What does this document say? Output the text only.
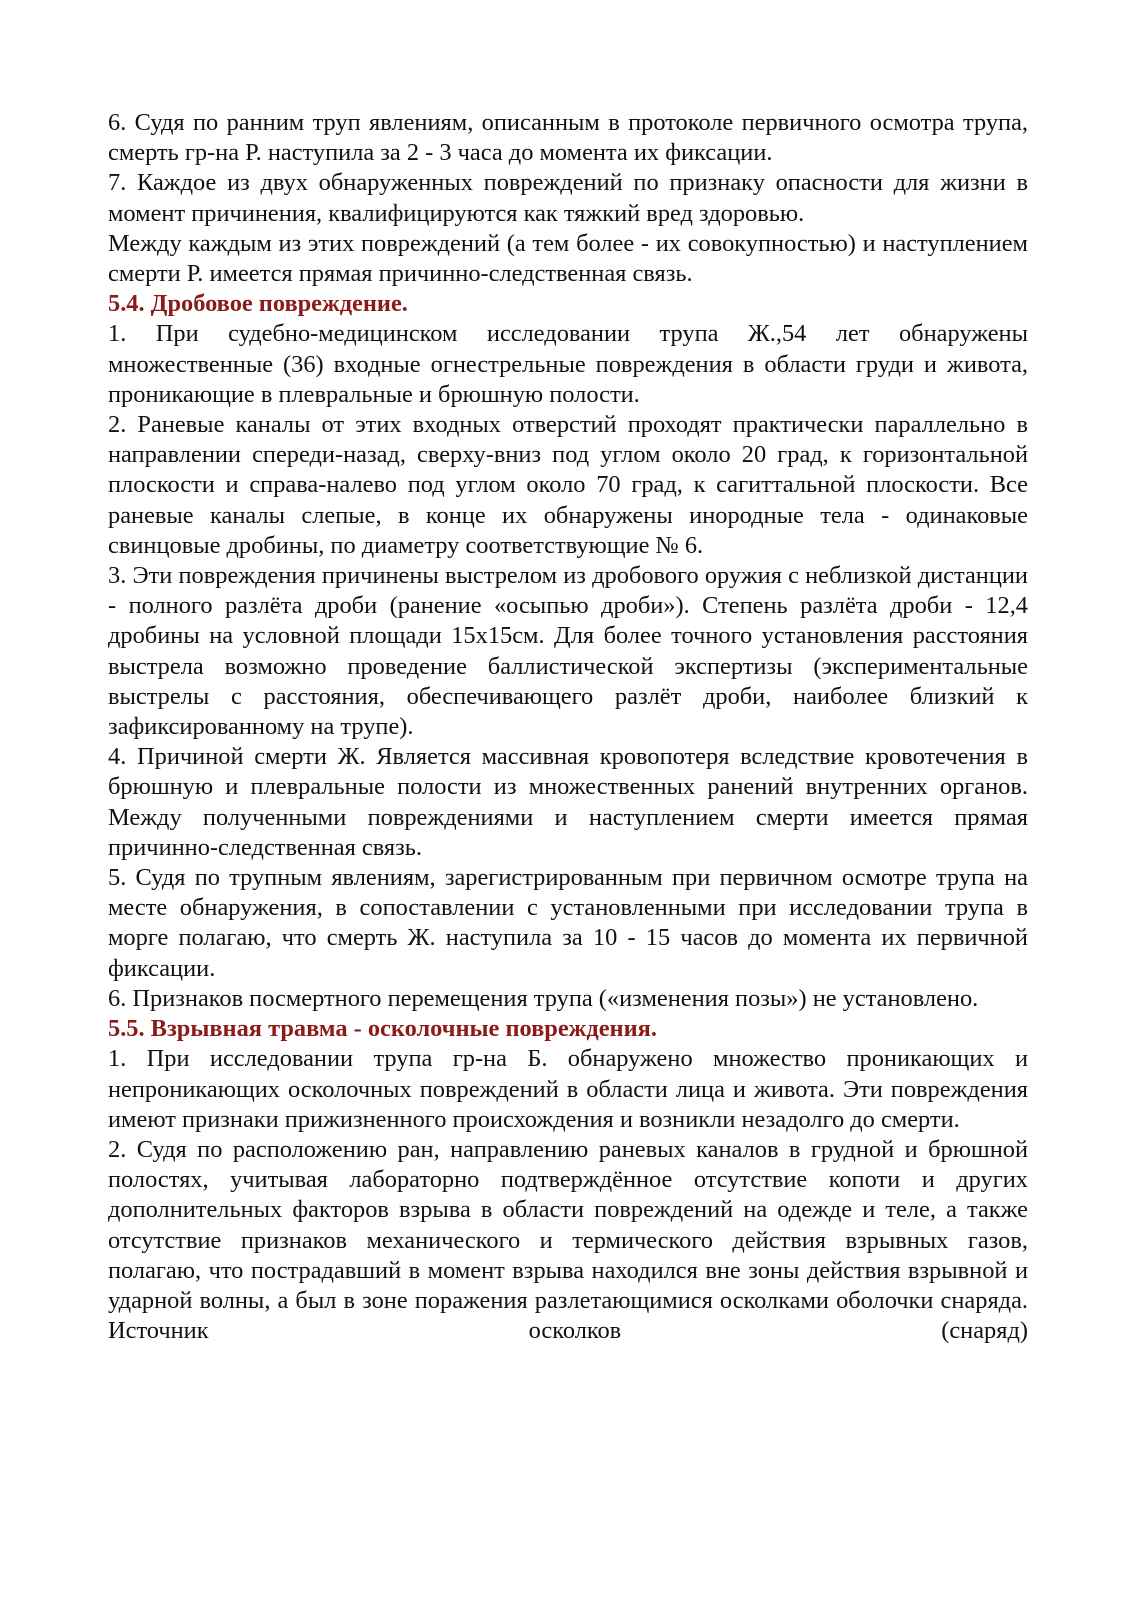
6. Судя по ранним труп явлениям, описанным в протоколе первичного осмотра трупа, смерть гр-на Р. наступила за 2 - 3 часа до момента их фиксации.

7. Каждое из двух обнаруженных повреждений по признаку опасности для жизни в момент причинения, квалифицируются как тяжкий вред здоровью.

Между каждым из этих повреждений (а тем более - их совокупностью) и наступлением смерти Р. имеется прямая причинно-следственная связь.

5.4. Дробовое повреждение.

1. При судебно-медицинском исследовании трупа Ж.,54 лет обнаружены множественные (36) входные огнестрельные повреждения в области груди и живота, проникающие в плевральные и брюшную полости.

2. Раневые каналы от этих входных отверстий проходят практически параллельно в направлении спереди-назад, сверху-вниз под углом около 20 град, к горизонтальной плоскости и справа-налево под углом около 70 град, к сагиттальной плоскости. Все раневые каналы слепые, в конце их обнаружены инородные тела - одинаковые свинцовые дробины, по диаметру соответствующие № 6.

3. Эти повреждения причинены выстрелом из дробового оружия с неблизкой дистанции - полного разлёта дроби (ранение «осыпью дроби»). Степень разлёта дроби - 12,4 дробины на условной площади 15х15см. Для более точного установления расстояния выстрела возможно проведение баллистической экспертизы (экспериментальные выстрелы с расстояния, обеспечивающего разлёт дроби, наиболее близкий к зафиксированному на трупе).

4. Причиной смерти Ж. Является массивная кровопотеря вследствие кровотечения в брюшную и плевральные полости из множественных ранений внутренних органов. Между полученными повреждениями и наступлением смерти имеется прямая причинно-следственная связь.

5. Судя по трупным явлениям, зарегистрированным при первичном осмотре трупа на месте обнаружения, в сопоставлении с установленными при исследовании трупа в морге полагаю, что смерть Ж. наступила за 10 - 15 часов до момента их первичной фиксации.

6. Признаков посмертного перемещения трупа («изменения позы») не установлено.

5.5. Взрывная травма - осколочные повреждения.

1. При исследовании трупа гр-на Б. обнаружено множество проникающих и непроникающих осколочных повреждений в области лица и живота. Эти повреждения имеют признаки прижизненного происхождения и возникли незадолго до смерти.

2. Судя по расположению ран, направлению раневых каналов в грудной и брюшной полостях, учитывая лабораторно подтверждённое отсутствие копоти и других дополнительных факторов взрыва в области повреждений на одежде и теле, а также отсутствие признаков механического и термического действия взрывных газов, полагаю, что пострадавший в момент взрыва находился вне зоны действия взрывной и ударной волны, а был в зоне поражения разлетающимися осколками оболочки снаряда. Источник осколков (снаряд)
